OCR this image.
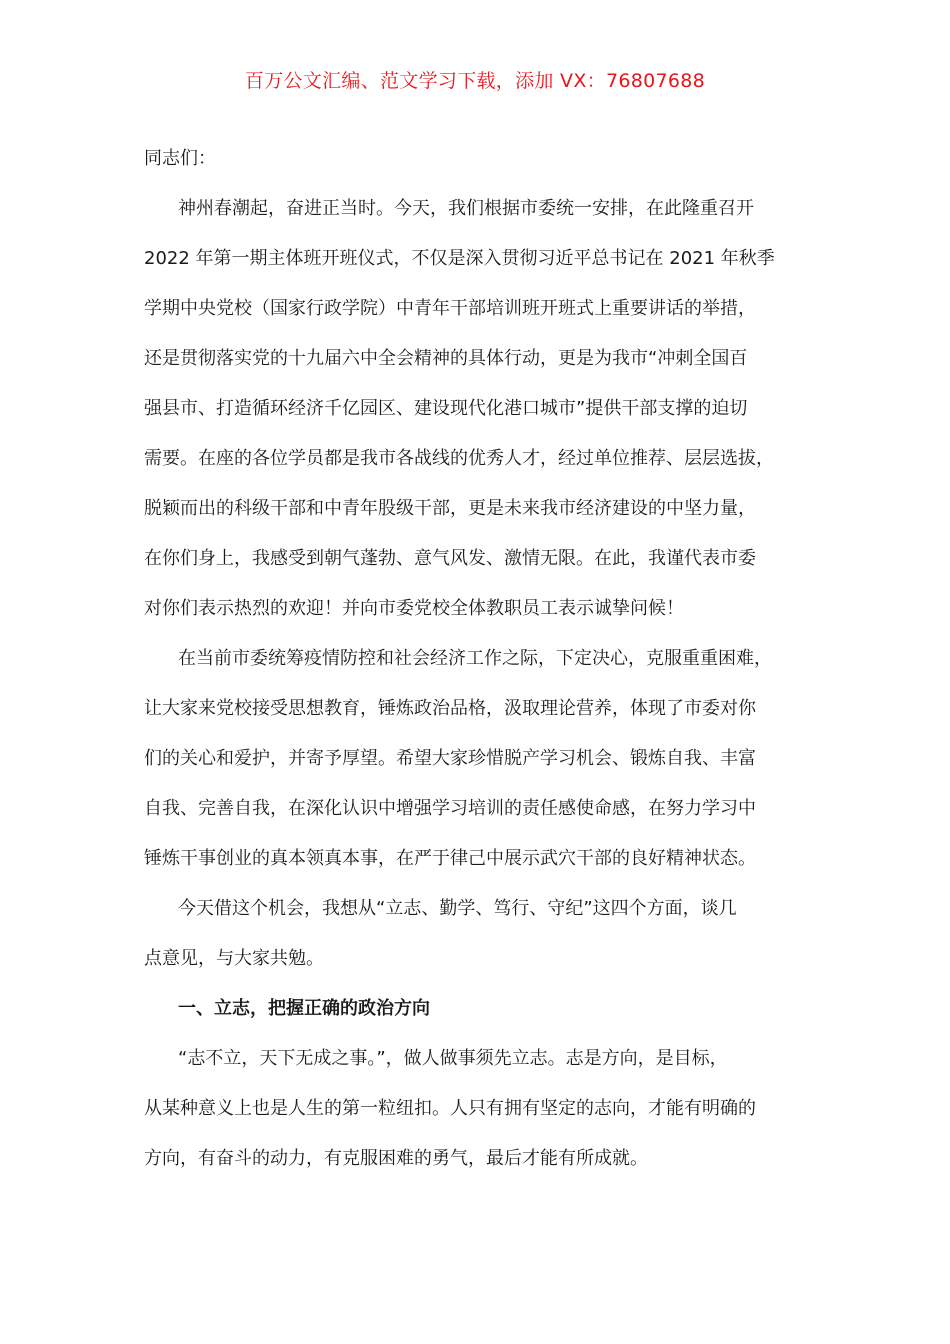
百万公文汇编、范文学习下载，添加 VX：76807688
同志们：
神州春潮起，奋进正当时。今天，我们根据市委统一安排，在此隆重召开
2022 年第一期主体班开班仪式，不仅是深入贯彻习近平总书记在 2021 年秋季
学期中央党校（国家行政学院）中青年干部培训班开班式上重要讲话的举措，
还是贯彻落实党的十九届六中全会精神的具体行动，更是为我市“冲刺全国百
强县市、打造循环经济千亿园区、建设现代化港口城市”提供干部支撑的迫切
需要。在座的各位学员都是我市各战线的优秀人才，经过单位推荐、层层选拔，
脱颖而出的科级干部和中青年股级干部，更是未来我市经济建设的中坚力量，
在你们身上，我感受到朝气蓬勃、意气风发、激情无限。在此，我谨代表市委
对你们表示热烈的欢迎！并向市委党校全体教职员工表示诚挚问候！
在当前市委统筹疫情防控和社会经济工作之际，下定决心，克服重重困难，
让大家来党校接受思想教育，锤炼政治品格，汲取理论营养，体现了市委对你
们的关心和爱护，并寄予厚望。希望大家珍惜脱产学习机会、锻炼自我、丰富
自我、完善自我，在深化认识中增强学习培训的责任感使命感，在努力学习中
锤炼干事创业的真本领真本事，在严于律己中展示武穴干部的良好精神状态。
今天借这个机会，我想从“立志、勤学、笃行、守纪”这四个方面，谈几
点意见，与大家共勉。
一、立志，把握正确的政治方向
“志不立，天下无成之事。”，做人做事须先立志。志是方向，是目标，
从某种意义上也是人生的第一粒纽扣。人只有拥有坚定的志向，才能有明确的
方向，有奋斗的动力，有克服困难的勇气，最后才能有所成就。
